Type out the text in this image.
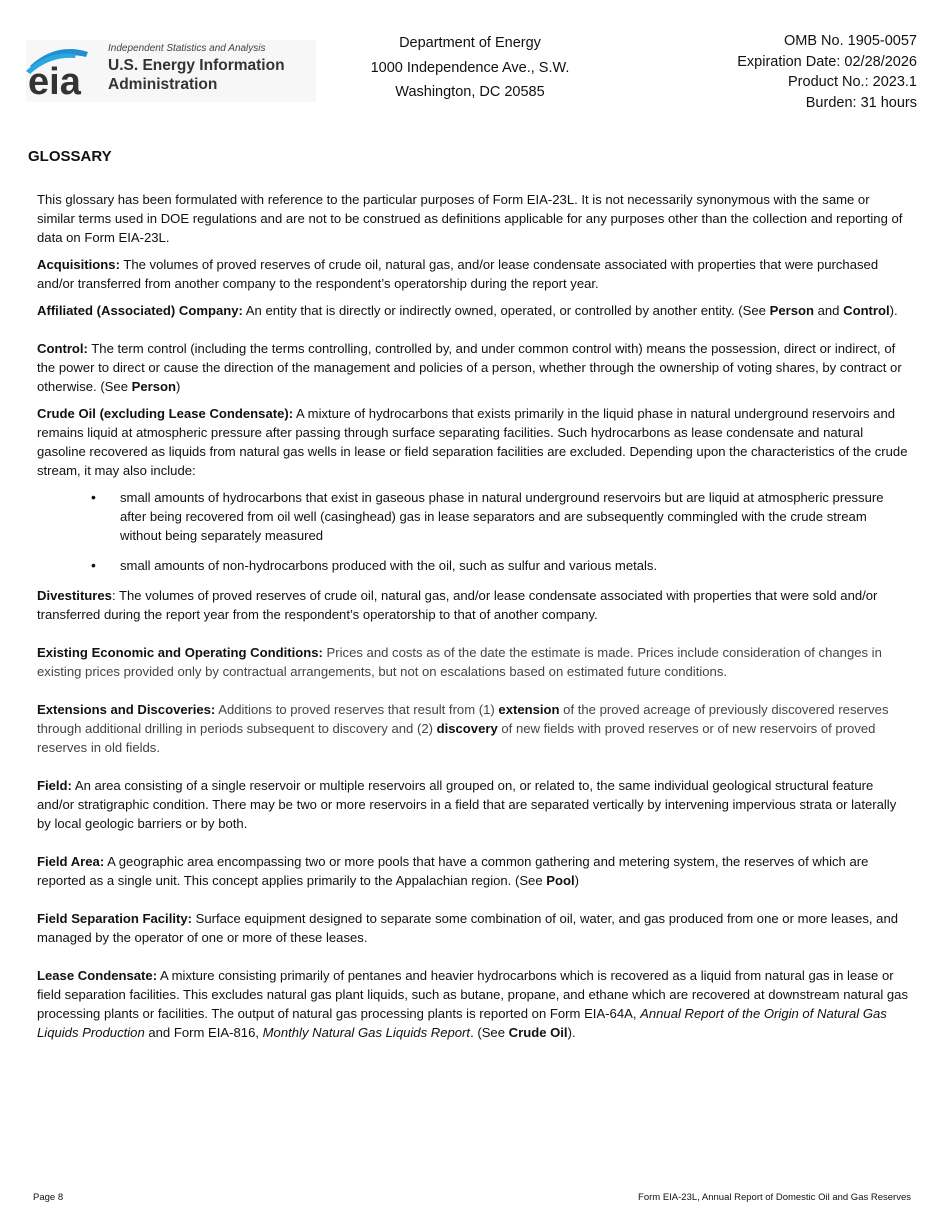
eia
Independent Statistics and Analysis
U.S. Energy Information Administration
Department of Energy
1000 Independence Ave., S.W.
Washington, DC 20585
OMB No. 1905-0057
Expiration Date: 02/28/2026
Product No.: 2023.1
Burden: 31 hours
GLOSSARY

This glossary has been formulated with reference to the particular purposes of Form EIA-23L. It is not necessarily synonymous with the same or similar terms used in DOE regulations and are not to be construed as definitions applicable for any purposes other than the collection and reporting of data on Form EIA-23L.

Acquisitions: The volumes of proved reserves of crude oil, natural gas, and/or lease condensate associated with properties that were purchased and/or transferred from another company to the respondent’s operatorship during the report year.

Affiliated (Associated) Company: An entity that is directly or indirectly owned, operated, or controlled by another entity. (See Person and Control).

Control: The term control (including the terms controlling, controlled by, and under common control with) means the possession, direct or indirect, of the power to direct or cause the direction of the management and policies of a person, whether through the ownership of voting shares, by contract or otherwise. (See Person)

Crude Oil (excluding Lease Condensate): A mixture of hydrocarbons that exists primarily in the liquid phase in natural underground reservoirs and remains liquid at atmospheric pressure after passing through surface separating facilities. Such hydrocarbons as lease condensate and natural gasoline recovered as liquids from natural gas wells in lease or field separation facilities are excluded. Depending upon the characteristics of the crude stream, it may also include:

• small amounts of hydrocarbons that exist in gaseous phase in natural underground reservoirs but are liquid at atmospheric pressure after being recovered from oil well (casinghead) gas in lease separators and are subsequently commingled with the crude stream without being separately measured
• small amounts of non-hydrocarbons produced with the oil, such as sulfur and various metals.

Divestitures: The volumes of proved reserves of crude oil, natural gas, and/or lease condensate associated with properties that were sold and/or transferred during the report year from the respondent’s operatorship to that of another company.

Existing Economic and Operating Conditions: Prices and costs as of the date the estimate is made. Prices include consideration of changes in existing prices provided only by contractual arrangements, but not on escalations based on estimated future conditions.

Extensions and Discoveries: Additions to proved reserves that result from (1) extension of the proved acreage of previously discovered reserves through additional drilling in periods subsequent to discovery and (2) discovery of new fields with proved reserves or of new reservoirs of proved reserves in old fields.

Field: An area consisting of a single reservoir or multiple reservoirs all grouped on, or related to, the same individual geological structural feature and/or stratigraphic condition. There may be two or more reservoirs in a field that are separated vertically by intervening impervious strata or laterally by local geologic barriers or by both.

Field Area: A geographic area encompassing two or more pools that have a common gathering and metering system, the reserves of which are reported as a single unit. This concept applies primarily to the Appalachian region. (See Pool)

Field Separation Facility: Surface equipment designed to separate some combination of oil, water, and gas produced from one or more leases, and managed by the operator of one or more of these leases.

Lease Condensate: A mixture consisting primarily of pentanes and heavier hydrocarbons which is recovered as a liquid from natural gas in lease or field separation facilities. This excludes natural gas plant liquids, such as butane, propane, and ethane which are recovered at downstream natural gas processing plants or facilities. The output of natural gas processing plants is reported on Form EIA-64A, Annual Report of the Origin of Natural Gas Liquids Production and Form EIA-816, Monthly Natural Gas Liquids Report. (See Crude Oil).

Page 8	Form EIA-23L, Annual Report of Domestic Oil and Gas Reserves
